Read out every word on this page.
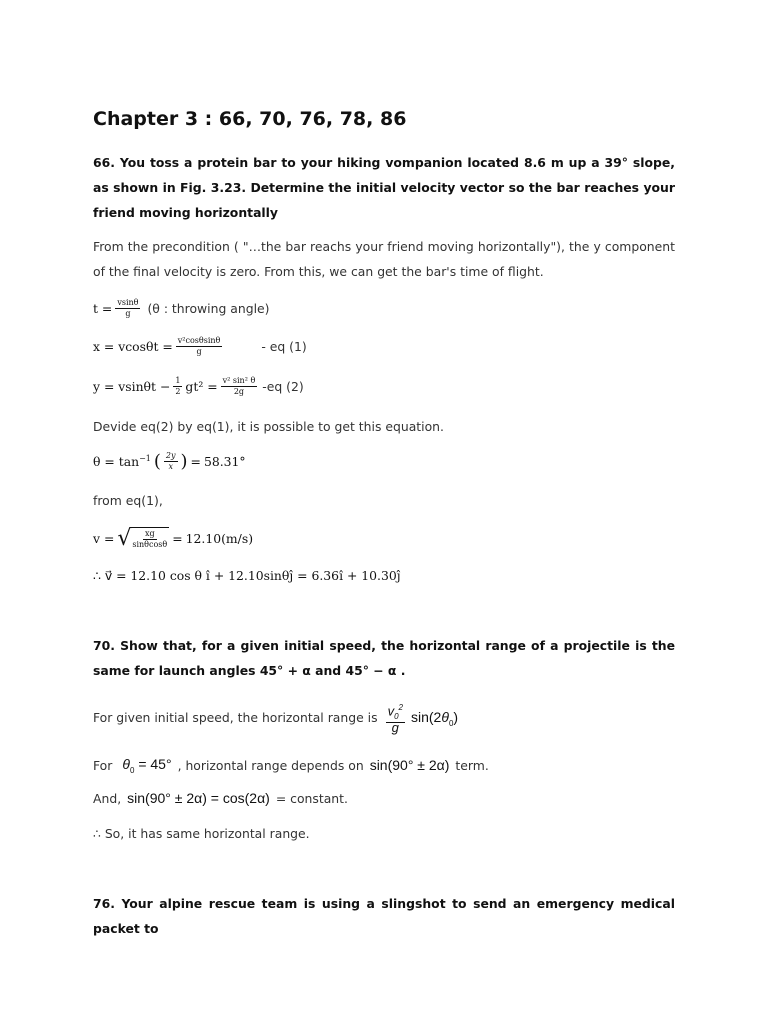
Chapter 3 : 66, 70, 76, 78, 86
66. You toss a protein bar to your hiking vompanion located 8.6 m up a 39° slope, as shown in Fig. 3.23. Determine the initial velocity vector so the bar reaches your friend moving horizontally
From the precondition ( "…the bar reachs your friend moving horizontally"), the y component of the final velocity is zero. From this, we can get the bar's time of flight.
$t = \frac{vsin\theta}{g} (\theta$ : throwing angle)
$x = vcos\theta t = \frac{\text{v²cosθsinθ}}{g}$	- eq (1)
$y = vsin\theta t - \frac{1}{2} gt^2 = \frac{\text{v² sin² θ}}{2g} -eq$ (2)
Devide eq(2) by eq(1), it is possible to get this equation.
$\theta = \tan^{-1}$ ( $\frac{2y}{x}$ ) = 58.31°
from eq(1),
v = √ $\frac{xg}{\sin\theta\cos\theta} = 12.10(m/s)$
∴ v⃗ = 12.10 cos θ î + 12.10sinθĵ = 6.36î + 10.30ĵ
70. Show that, for a given initial speed, the horizontal range of a projectile is the same for launch angles 45° + α and 45° − α .
For given initial speed, the horizontal range is $\frac{v_0^2}{g} \sin(2\theta_0)$
For $\theta_0 = 45^\circ$ , horizontal range depends on sin(90° ± 2α) term.
And, sin(90° ± 2α) = cos(2α) = constant.
∴ So, it has same horizontal range.
76. Your alpine rescue team is using a slingshot to send an emergency medical packet to
